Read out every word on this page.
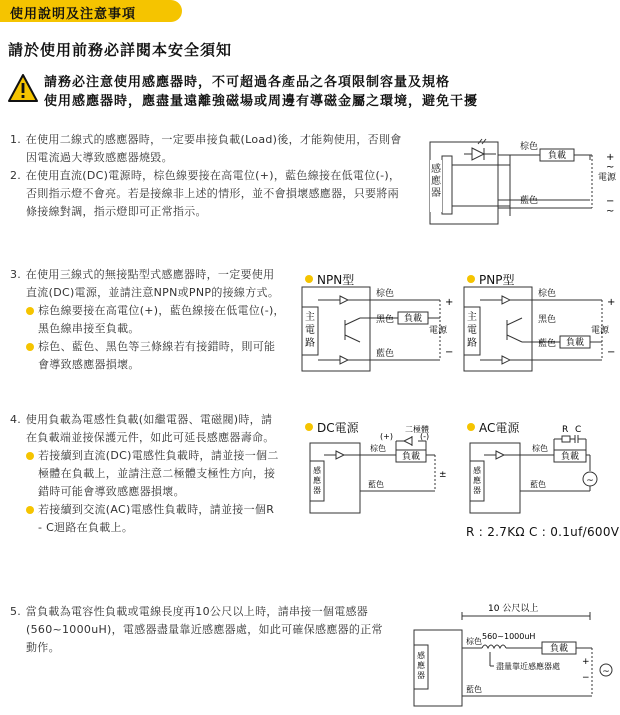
使用說明及注意事項
請於使用前務必詳閱本安全須知
請務必注意使用感應器時，不可超過各產品之各項限制容量及規格
使用感應器時，應盡量遠離強磁場或周邊有導磁金屬之環境，避免干擾
1. 在使用二線式的感應器時，一定要串接負載(Load)後，才能夠使用，否則會
因電流過大導致感應器燒毀。
2. 在使用直流(DC)電源時，棕色線要接在高電位(+)，藍色線接在低電位(-)，
否則指示燈不會亮。若是接線非上述的情形，並不會損壞感應器，只要將兩
條接線對調，指示燈即可正常指示。
感
應
器
負載
棕色
藍色
電源
+
~
−
~
3. 在使用三線式的無接點型式感應器時，一定要使用
直流(DC)電源，並請注意NPN或PNP的接線方式。
棕色線要接在高電位(+)，藍色線接在低電位(-)，
黑色線串接至負載。
棕色、藍色、黑色等三條線若有接錯時，則可能
會導致感應器損壞。
NPN型
主
電
路
負載
棕色
黑色
藍色
電源
+
−
PNP型
主
電
路	負載
棕色
黑色
藍色
電源
+
−
4. 使用負載為電感性負載(如繼電器、電磁閥)時，請
在負載端並接保護元件，如此可延長感應器壽命。
若接續到直流(DC)電感性負載時，請並接一個二
極體在負載上，並請注意二極體支極性方向，接
錯時可能會導致感應器損壞。
若接續到交流(AC)電感性負載時，請並接一個R
- C迴路在負載上。
DC電源
感
應
器
負載
二極體
(+)	(-)
棕色
藍色
±
AC電源
感
應
器
負載
~
R C
棕色
藍色
R : 2.7KΩ C : 0.1uf/600V
5. 當負載為電容性負載或電線長度再10公尺以上時，請串接一個電感器
(560~1000uH)，電感器盡量靠近感應器處，如此可確保感應器的正常
動作。
10 公尺以上
感
應
器
負載
棕色
560~1000uH
盡量靠近感應器處
藍色
+
−
~
